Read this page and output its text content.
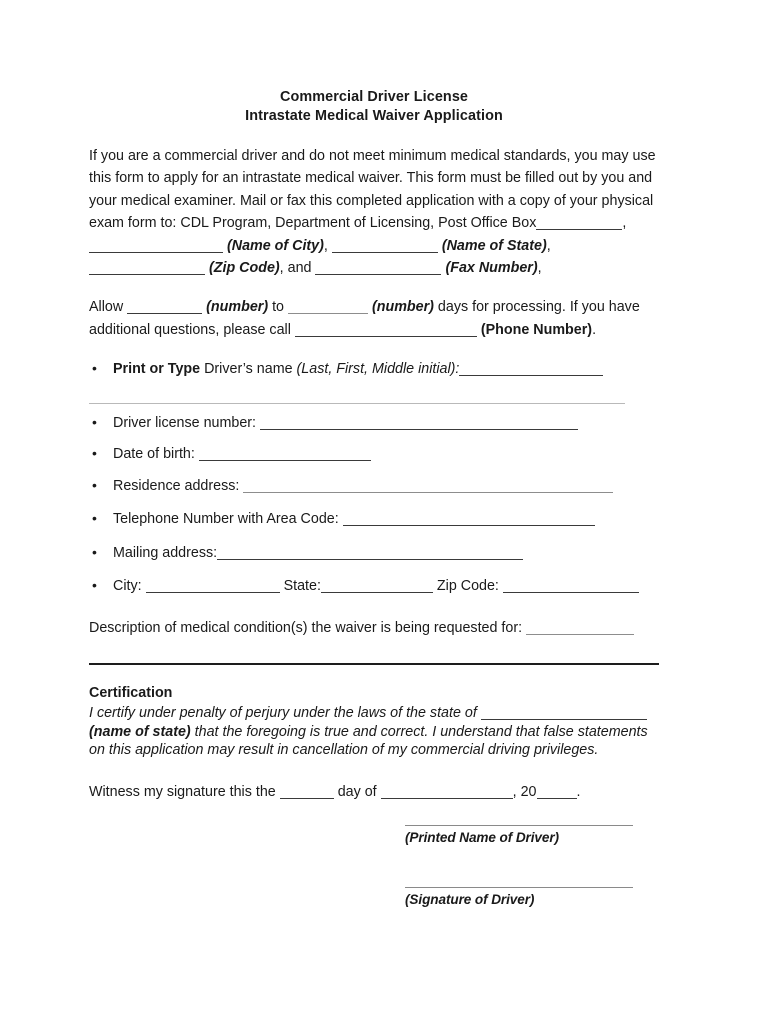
Commercial Driver License
Intrastate Medical Waiver Application

If you are a commercial driver and do not meet minimum medical standards, you may use this form to apply for an intrastate medical waiver. This form must be filled out by you and your medical examiner. Mail or fax this completed application with a copy of your physical exam form to: CDL Program, Department of Licensing, Post Office Box	,  (Name of City),	(Name of State),  (Zip Code), and	(Fax Number),

Allow	(number) to	(number) days for processing. If you have additional questions, please call	(Phone Number).

• Print or Type Driver’s name (Last, First, Middle initial):
• Driver license number:
• Date of birth:
• Residence address:
• Telephone Number with Area Code:
• Mailing address:
• City:	State:	Zip Code:
Description of medical condition(s) the waiver is being requested for:
Certification
I certify under penalty of perjury under the laws of the state of
(name of state) that the foregoing is true and correct. I understand that false statements on this application may result in cancellation of my commercial driving privileges.
Witness my signature this the	day of	, 20	.
(Printed Name of Driver)
(Signature of Driver)
